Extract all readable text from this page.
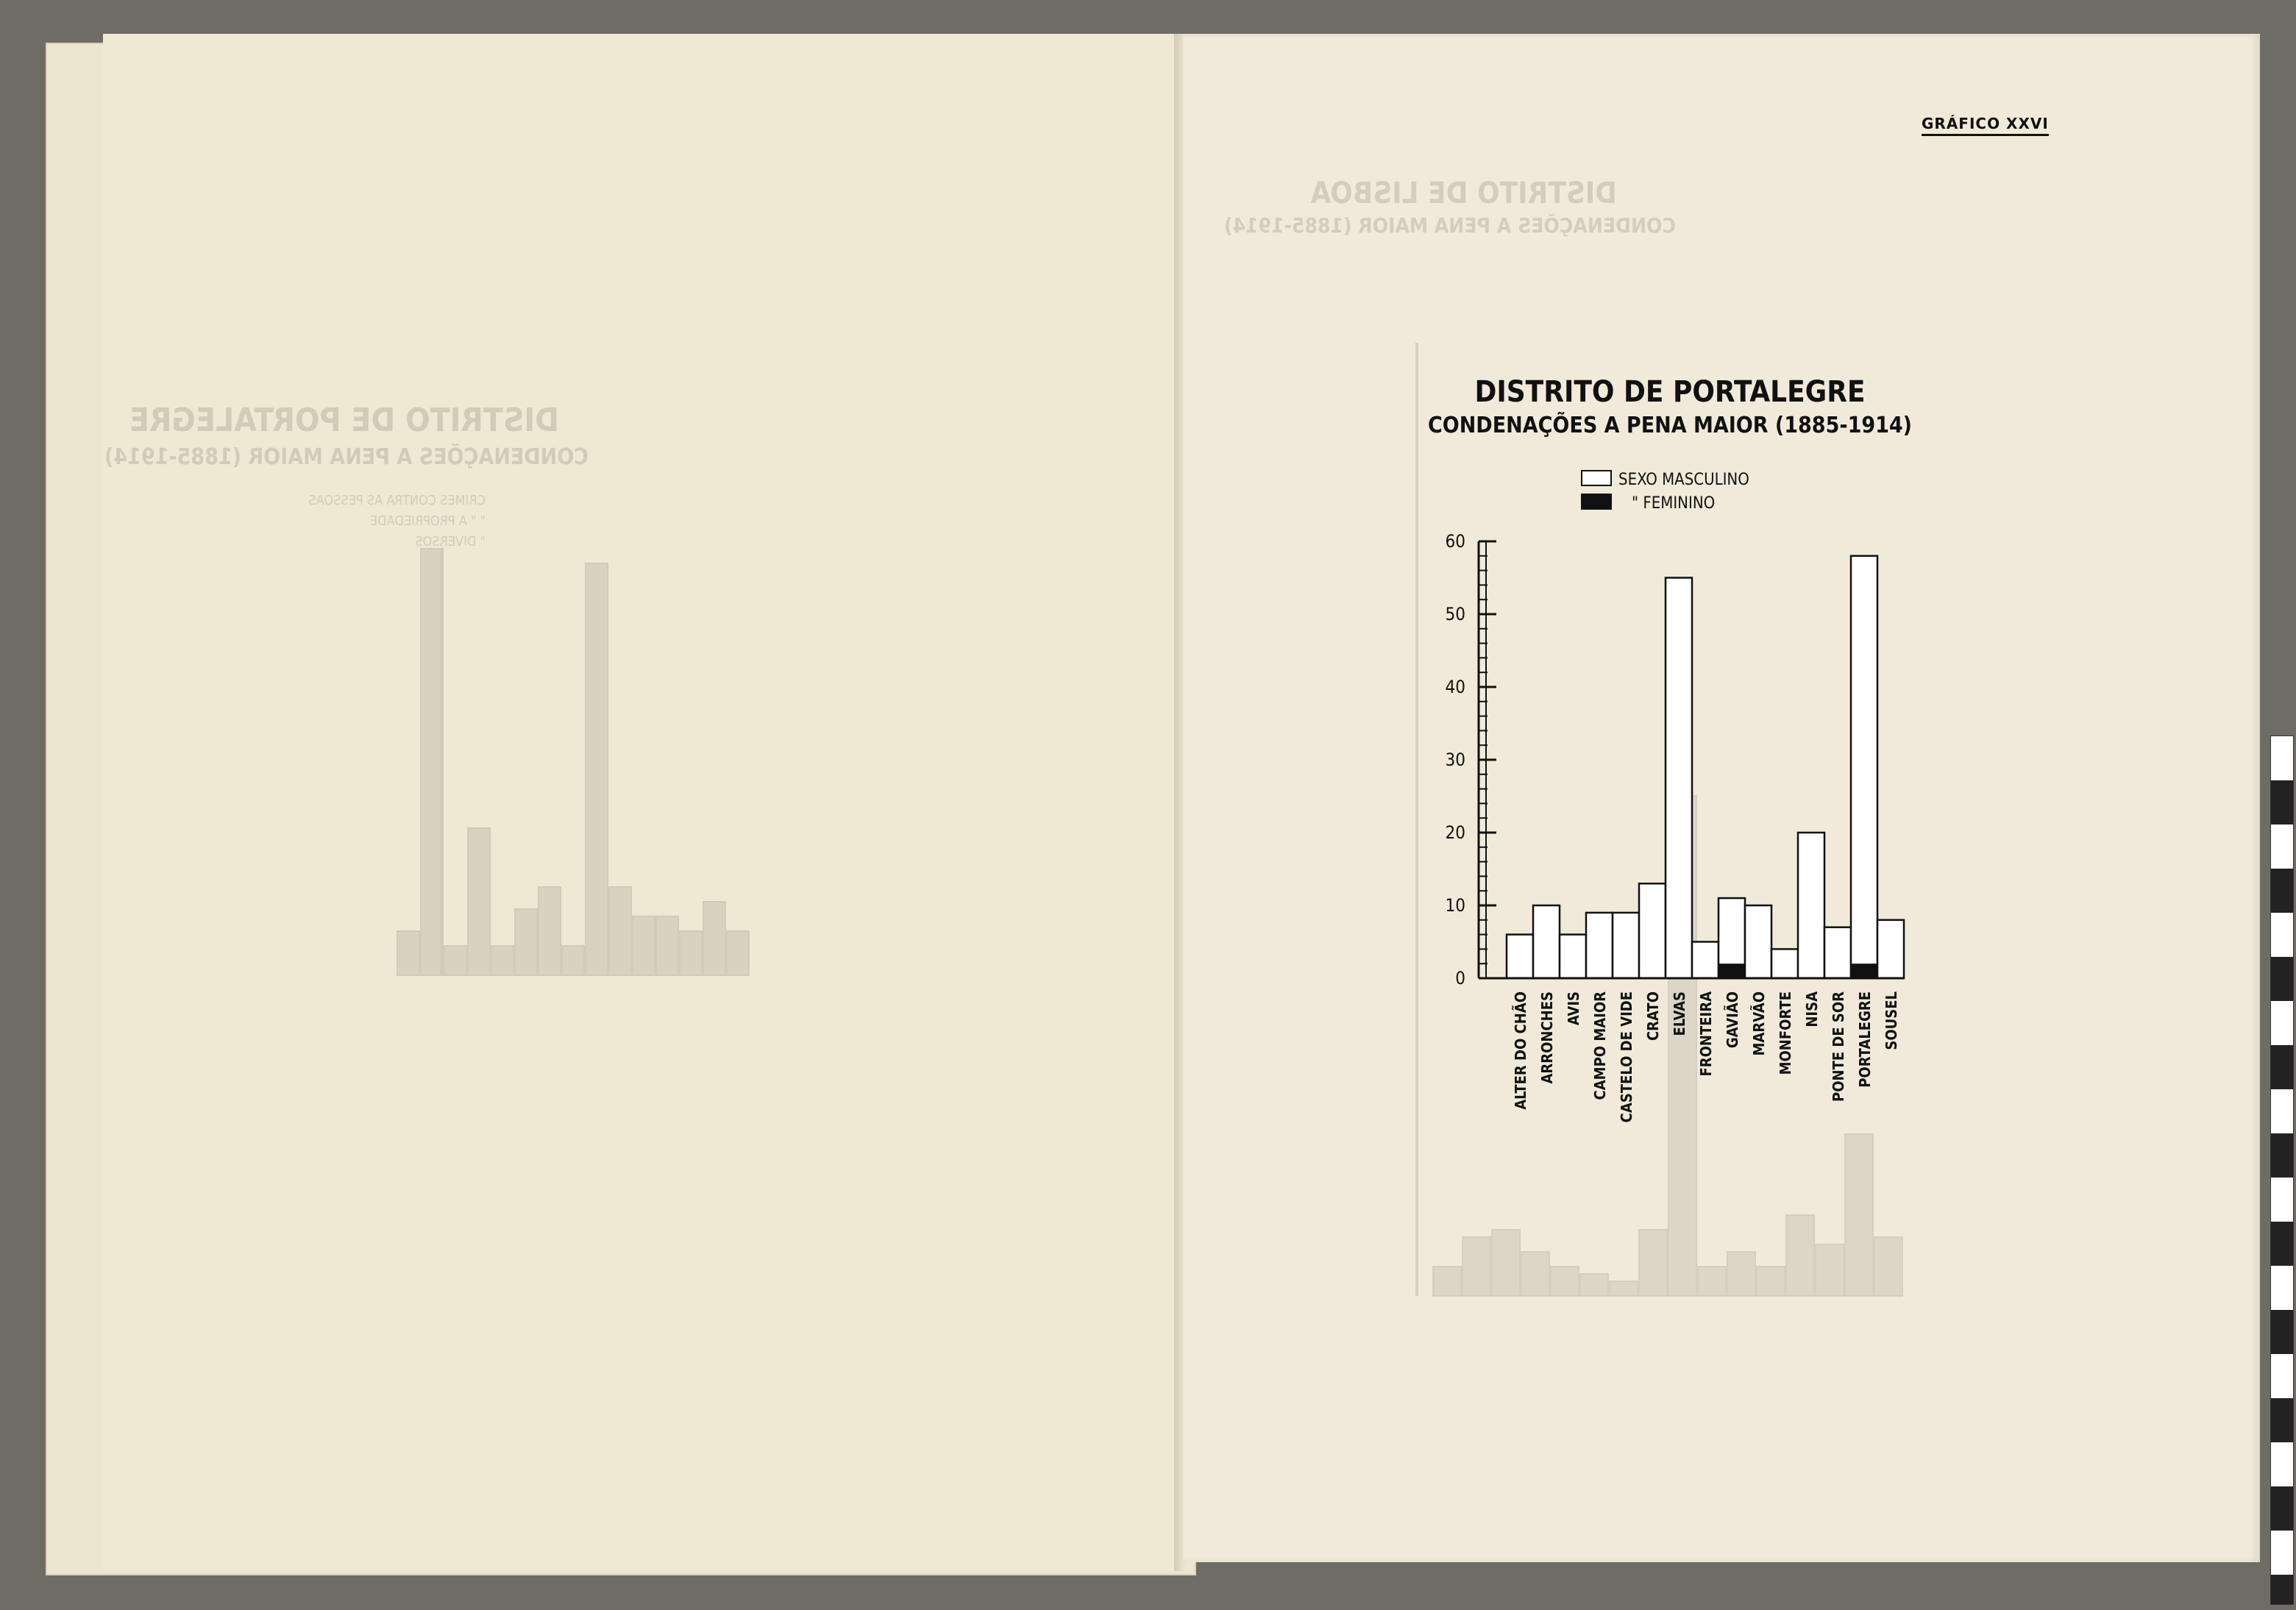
DISTRITO DE PORTALEGRE
CONDENAÇÕES A PENA MAIOR (1885-1914)
CRIMES CONTRA AS PESSOAS
" " A PROPRIEDADE
" DIVERSOS
DISTRITO DE LISBOA
CONDENAÇÕES A PENA MAIOR (1885-1914)
GRÁFICO XXVI
DISTRITO DE PORTALEGRE
CONDENAÇÕES A PENA MAIOR (1885-1914)
SEXO MASCULINO
" FEMININO
0
10
20
30
40
50
60
ALTER DO CHÃO ARRONCHES AVIS CAMPO MAIOR CASTELO DE VIDE CRATO ELVAS FRONTEIRA GAVIÃO MARVÃO MONFORTE NISA PONTE DE SOR PORTALEGRE SOUSEL
